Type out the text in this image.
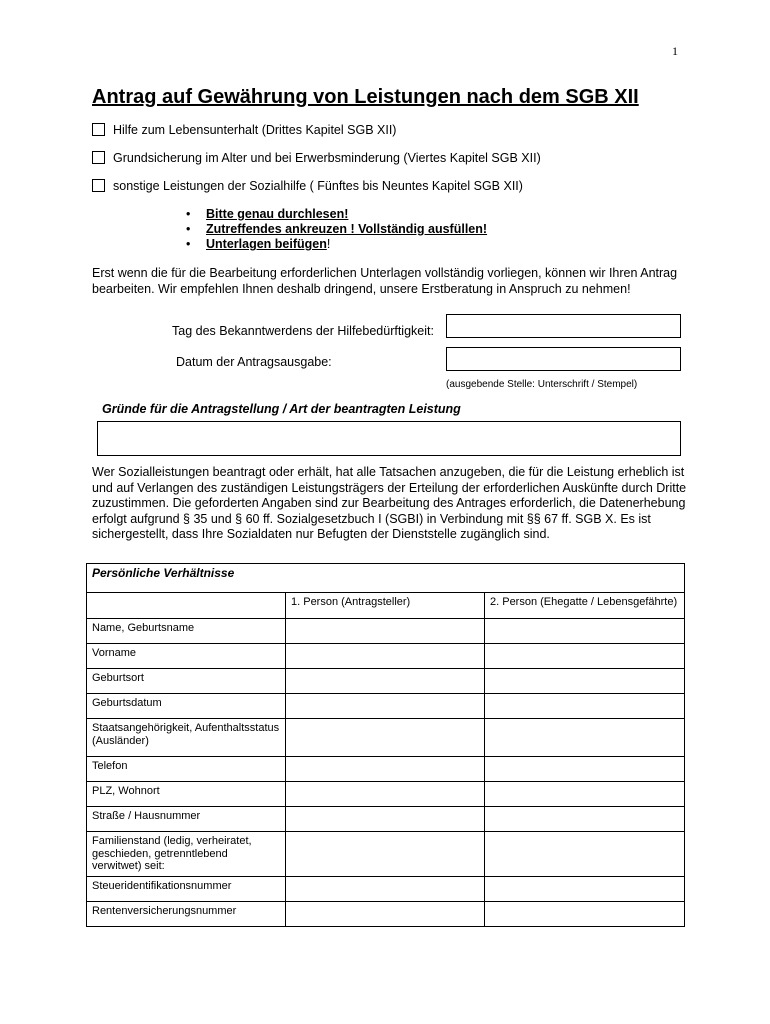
1
Antrag auf Gewährung von Leistungen nach dem SGB XII
Hilfe zum Lebensunterhalt (Drittes Kapitel SGB XII)
Grundsicherung im Alter und bei Erwerbsminderung (Viertes Kapitel SGB XII)
sonstige Leistungen der Sozialhilfe ( Fünftes bis Neuntes Kapitel SGB XII)
• Bitte genau durchlesen!
• Zutreffendes ankreuzen ! Vollständig ausfüllen!
• Unterlagen beifügen!
Erst wenn die für die Bearbeitung erforderlichen Unterlagen vollständig vorliegen, können wir Ihren Antrag bearbeiten. Wir empfehlen Ihnen deshalb dringend, unsere Erstberatung in Anspruch zu nehmen!
Tag des Bekanntwerdens der Hilfebedürftigkeit:
Datum der Antragsausgabe:
(ausgebende Stelle: Unterschrift / Stempel)
Gründe für die Antragstellung / Art der beantragten Leistung
Wer Sozialleistungen beantragt oder erhält, hat alle Tatsachen anzugeben, die für die Leistung erheblich ist und auf Verlangen des zuständigen Leistungsträgers der Erteilung der erforderlichen Auskünfte durch Dritte zuzustimmen. Die geforderten Angaben sind zur Bearbeitung des Antrages erforderlich, die Datenerhebung erfolgt aufgrund § 35 und § 60 ff. Sozialgesetzbuch I (SGBI) in Verbindung mit §§ 67 ff. SGB X. Es ist sichergestellt, dass Ihre Sozialdaten nur Befugten der Dienststelle zugänglich sind.
Persönliche Verhältnisse		
	1. Person (Antragsteller)	2. Person (Ehegatte / Lebensgefährte)
Name, Geburtsname		
Vorname		
Geburtsort		
Geburtsdatum		
Staatsangehörigkeit, Aufenthaltsstatus (Ausländer)		
Telefon		
PLZ, Wohnort		
Straße / Hausnummer		
Familienstand (ledig, verheiratet, geschieden, getrenntlebend verwitwet) seit:		
Steueridentifikationsnummer		
Rentenversicherungsnummer		
